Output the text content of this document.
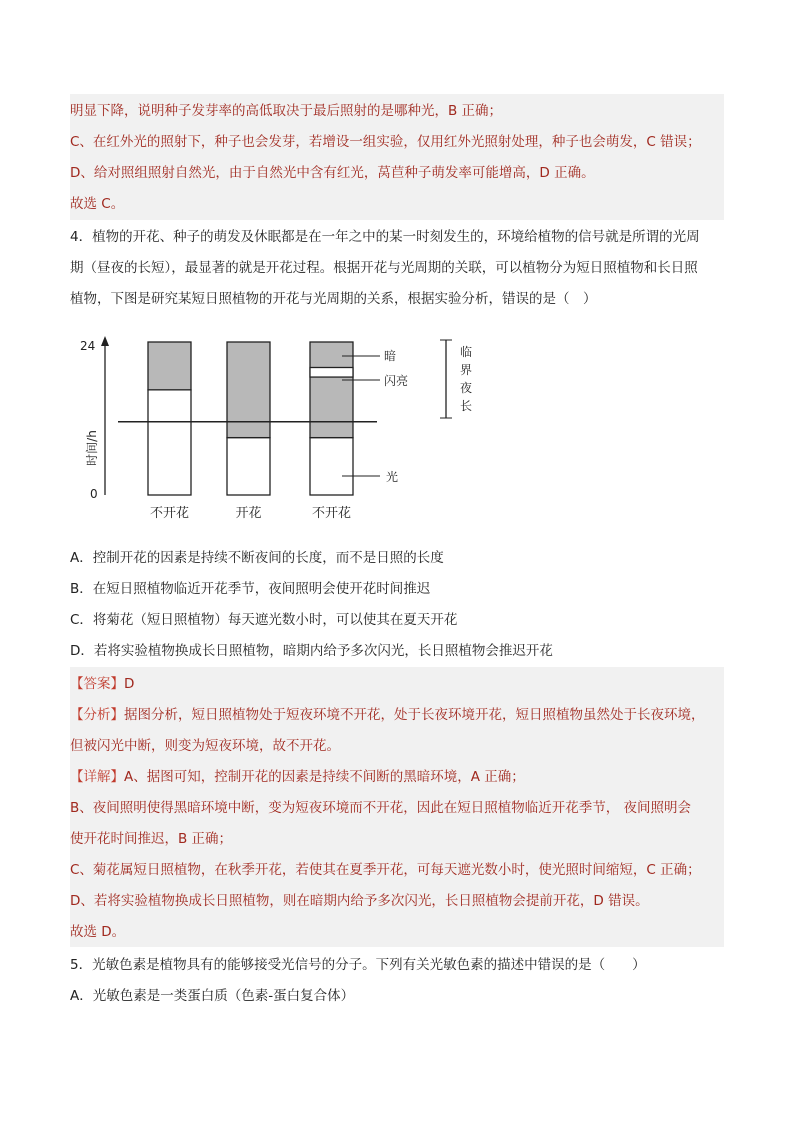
明显下降，说明种子发芽率的高低取决于最后照射的是哪种光，B 正确；
C、在红外光的照射下，种子也会发芽，若增设一组实验，仅用红外光照射处理，种子也会萌发，C 错误；
D、给对照组照射自然光，由于自然光中含有红光，莴苣种子萌发率可能增高，D 正确。
故选 C。
4．植物的开花、种子的萌发及休眠都是在一年之中的某一时刻发生的，环境给植物的信号就是所谓的光周
期（昼夜的长短），最显著的就是开花过程。根据开花与光周期的关联，可以植物分为短日照植物和长日照
植物，下图是研究某短日照植物的开花与光周期的关系，根据实验分析，错误的是（　）
24
0
时间/h
不开花	开花	不开花
暗
闪亮
光
临
界
夜
长
A．控制开花的因素是持续不断夜间的长度，而不是日照的长度
B．在短日照植物临近开花季节，夜间照明会使开花时间推迟
C．将菊花（短日照植物）每天遮光数小时，可以使其在夏天开花
D．若将实验植物换成长日照植物，暗期内给予多次闪光，长日照植物会推迟开花
【答案】D
【分析】据图分析，短日照植物处于短夜环境不开花，处于长夜环境开花，短日照植物虽然处于长夜环境，
但被闪光中断，则变为短夜环境，故不开花。
【详解】A、据图可知，控制开花的因素是持续不间断的黑暗环境，A 正确；
B、夜间照明使得黑暗环境中断，变为短夜环境而不开花，因此在短日照植物临近开花季节， 夜间照明会
使开花时间推迟，B 正确；
C、菊花属短日照植物，在秋季开花，若使其在夏季开花，可每天遮光数小时，使光照时间缩短，C 正确；
D、若将实验植物换成长日照植物，则在暗期内给予多次闪光，长日照植物会提前开花，D 错误。
故选 D。
5．光敏色素是植物具有的能够接受光信号的分子。下列有关光敏色素的描述中错误的是（　　）
A．光敏色素是一类蛋白质（色素-蛋白复合体）
